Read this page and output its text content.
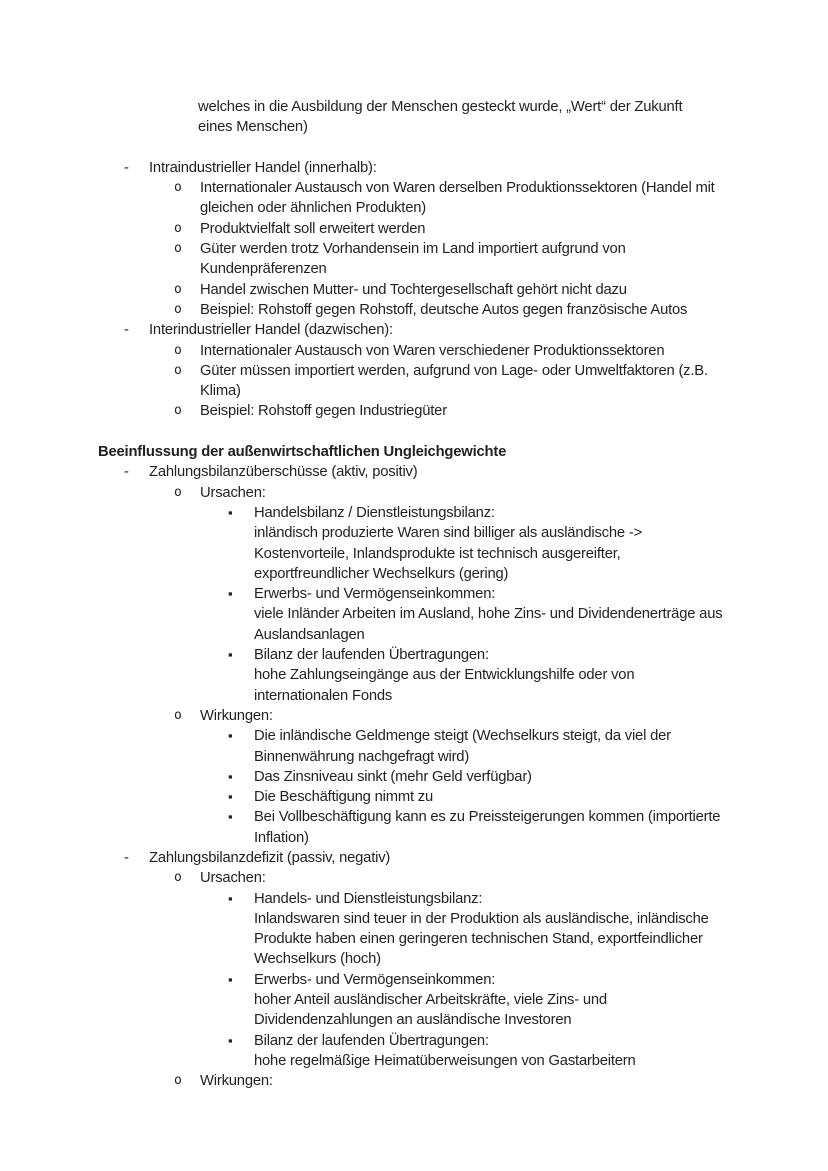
welches in die Ausbildung der Menschen gesteckt wurde, „Wert“ der Zukunft
eines Menschen)
- Intraindustrieller Handel (innerhalb):
o Internationaler Austausch von Waren derselben Produktionssektoren (Handel mit
gleichen oder ähnlichen Produkten)
o Produktvielfalt soll erweitert werden
o Güter werden trotz Vorhandensein im Land importiert aufgrund von
Kundenpräferenzen
o Handel zwischen Mutter- und Tochtergesellschaft gehört nicht dazu
o Beispiel: Rohstoff gegen Rohstoff, deutsche Autos gegen französische Autos
- Interindustrieller Handel (dazwischen):
o Internationaler Austausch von Waren verschiedener Produktionssektoren
o Güter müssen importiert werden, aufgrund von Lage- oder Umweltfaktoren (z.B.
Klima)
o Beispiel: Rohstoff gegen Industriegüter
Beeinflussung der außenwirtschaftlichen Ungleichgewichte
- Zahlungsbilanzüberschüsse (aktiv, positiv)
o Ursachen:
▪ Handelsbilanz / Dienstleistungsbilanz:
inländisch produzierte Waren sind billiger als ausländische ->
Kostenvorteile, Inlandsprodukte ist technisch ausgereifter,
exportfreundlicher Wechselkurs (gering)
▪ Erwerbs- und Vermögenseinkommen:
viele Inländer Arbeiten im Ausland, hohe Zins- und Dividendenerträge aus
Auslandsanlagen
▪ Bilanz der laufenden Übertragungen:
hohe Zahlungseingänge aus der Entwicklungshilfe oder von
internationalen Fonds
o Wirkungen:
▪ Die inländische Geldmenge steigt (Wechselkurs steigt, da viel der
Binnenwährung nachgefragt wird)
▪ Das Zinsniveau sinkt (mehr Geld verfügbar)
▪ Die Beschäftigung nimmt zu
▪ Bei Vollbeschäftigung kann es zu Preissteigerungen kommen (importierte
Inflation)
- Zahlungsbilanzdefizit (passiv, negativ)
o Ursachen:
▪ Handels- und Dienstleistungsbilanz:
Inlandswaren sind teuer in der Produktion als ausländische, inländische
Produkte haben einen geringeren technischen Stand, exportfeindlicher
Wechselkurs (hoch)
▪ Erwerbs- und Vermögenseinkommen:
hoher Anteil ausländischer Arbeitskräfte, viele Zins- und
Dividendenzahlungen an ausländische Investoren
▪ Bilanz der laufenden Übertragungen:
hohe regelmäßige Heimatüberweisungen von Gastarbeitern
o Wirkungen:
